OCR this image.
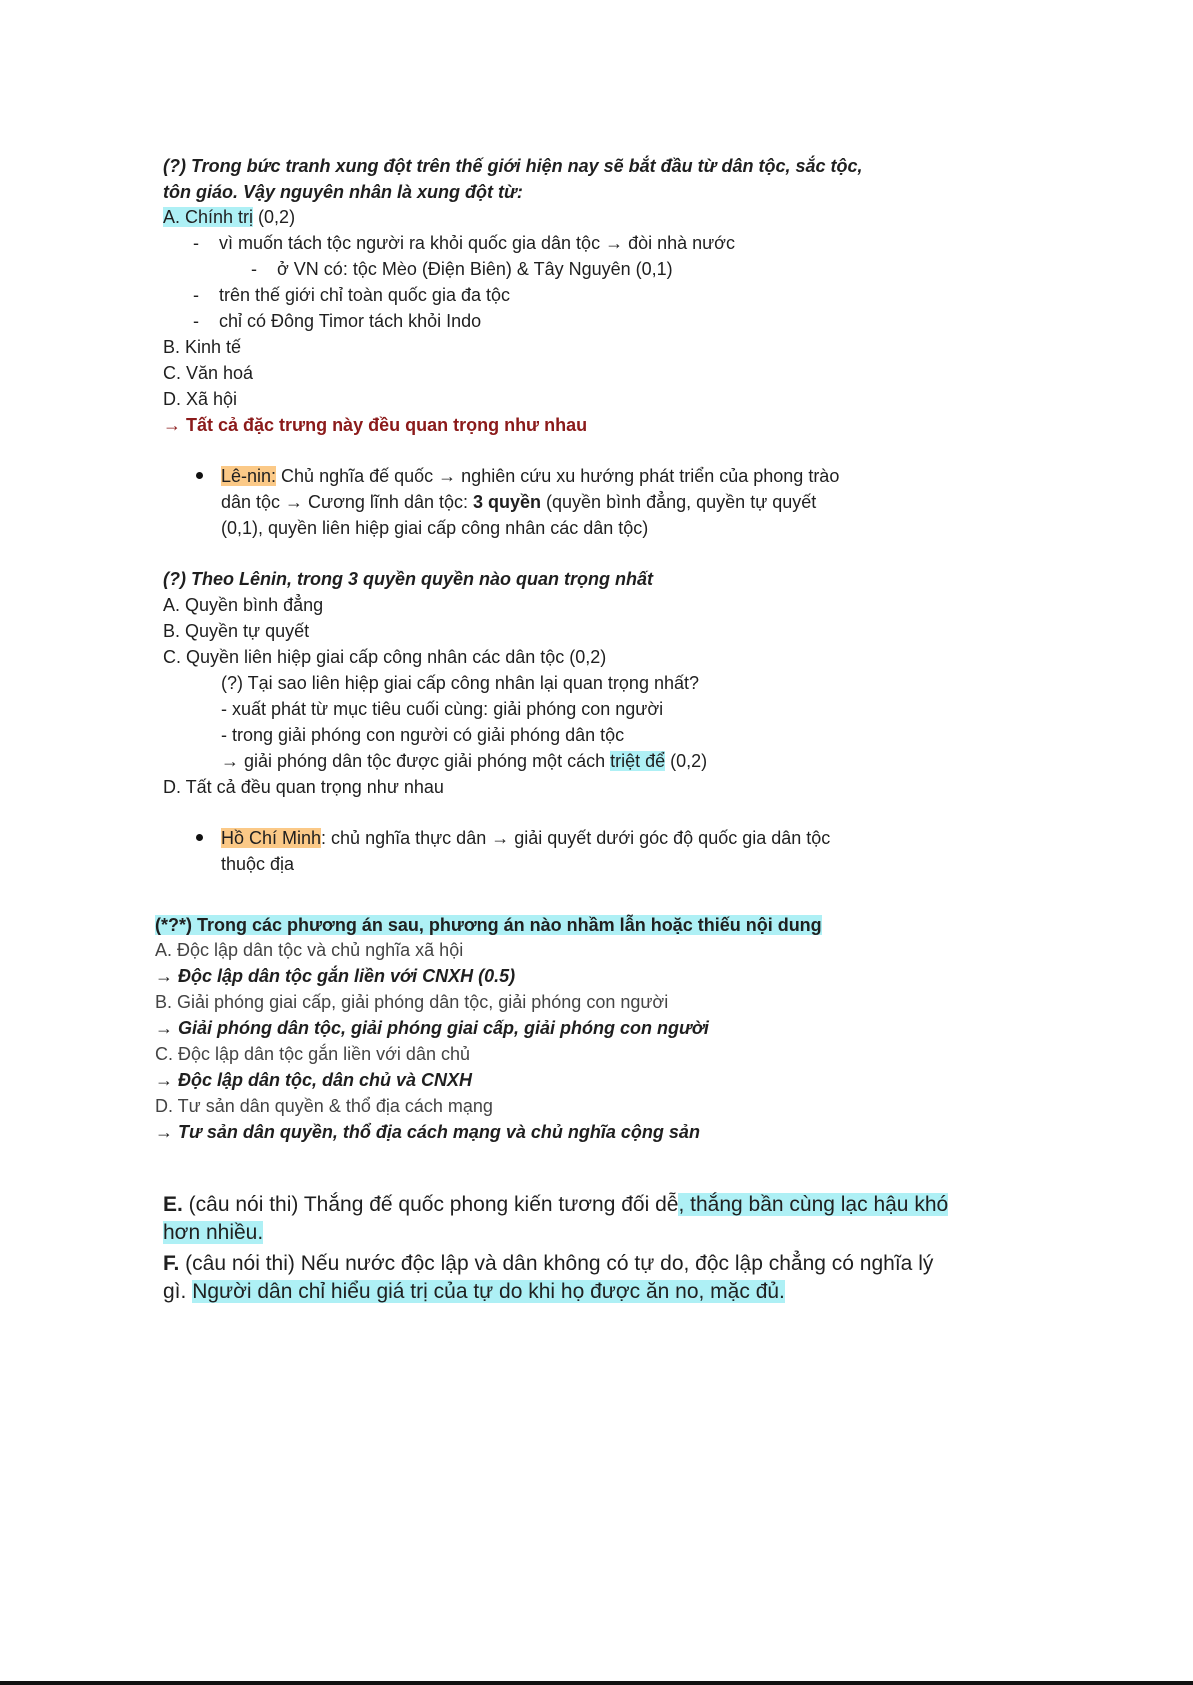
(?) Trong bức tranh xung đột trên thế giới hiện nay sẽ bắt đầu từ dân tộc, sắc tộc,
tôn giáo. Vậy nguyên nhân là xung đột từ:
A. Chính trị (0,2)
-    vì muốn tách tộc người ra khỏi quốc gia dân tộc → đòi nhà nước
-    ở VN có: tộc Mèo (Điện Biên) & Tây Nguyên (0,1)
-    trên thế giới chỉ toàn quốc gia đa tộc
-    chỉ có Đông Timor tách khỏi Indo
B. Kinh tế
C. Văn hoá
D. Xã hội
→ Tất cả đặc trưng này đều quan trọng như nhau
Lê-nin: Chủ nghĩa đế quốc → nghiên cứu xu hướng phát triển của phong trào
dân tộc → Cương lĩnh dân tộc: 3 quyền (quyền bình đẳng, quyền tự quyết
(0,1), quyền liên hiệp giai cấp công nhân các dân tộc)
(?) Theo Lênin, trong 3 quyền quyền nào quan trọng nhất
A. Quyền bình đẳng
B. Quyền tự quyết
C. Quyền liên hiệp giai cấp công nhân các dân tộc (0,2)
(?) Tại sao liên hiệp giai cấp công nhân lại quan trọng nhất?
- xuất phát từ mục tiêu cuối cùng: giải phóng con người
- trong giải phóng con người có giải phóng dân tộc
→ giải phóng dân tộc được giải phóng một cách triệt để (0,2)
D. Tất cả đều quan trọng như nhau
Hồ Chí Minh: chủ nghĩa thực dân → giải quyết dưới góc độ quốc gia dân tộc
thuộc địa
(*?*) Trong các phương án sau, phương án nào nhầm lẫn hoặc thiếu nội dung
A. Độc lập dân tộc và chủ nghĩa xã hội
→ Độc lập dân tộc gắn liền với CNXH (0.5)
B. Giải phóng giai cấp, giải phóng dân tộc, giải phóng con người
→ Giải phóng dân tộc, giải phóng giai cấp, giải phóng con người
C. Độc lập dân tộc gắn liền với dân chủ
→ Độc lập dân tộc, dân chủ và CNXH
D. Tư sản dân quyền & thổ địa cách mạng
→ Tư sản dân quyền, thổ địa cách mạng và chủ nghĩa cộng sản
E. (câu nói thi) Thắng đế quốc phong kiến tương đối dễ, thắng bần cùng lạc hậu khó
hơn nhiều.
F. (câu nói thi) Nếu nước độc lập và dân không có tự do, độc lập chẳng có nghĩa lý
gì. Người dân chỉ hiểu giá trị của tự do khi họ được ăn no, mặc đủ.
